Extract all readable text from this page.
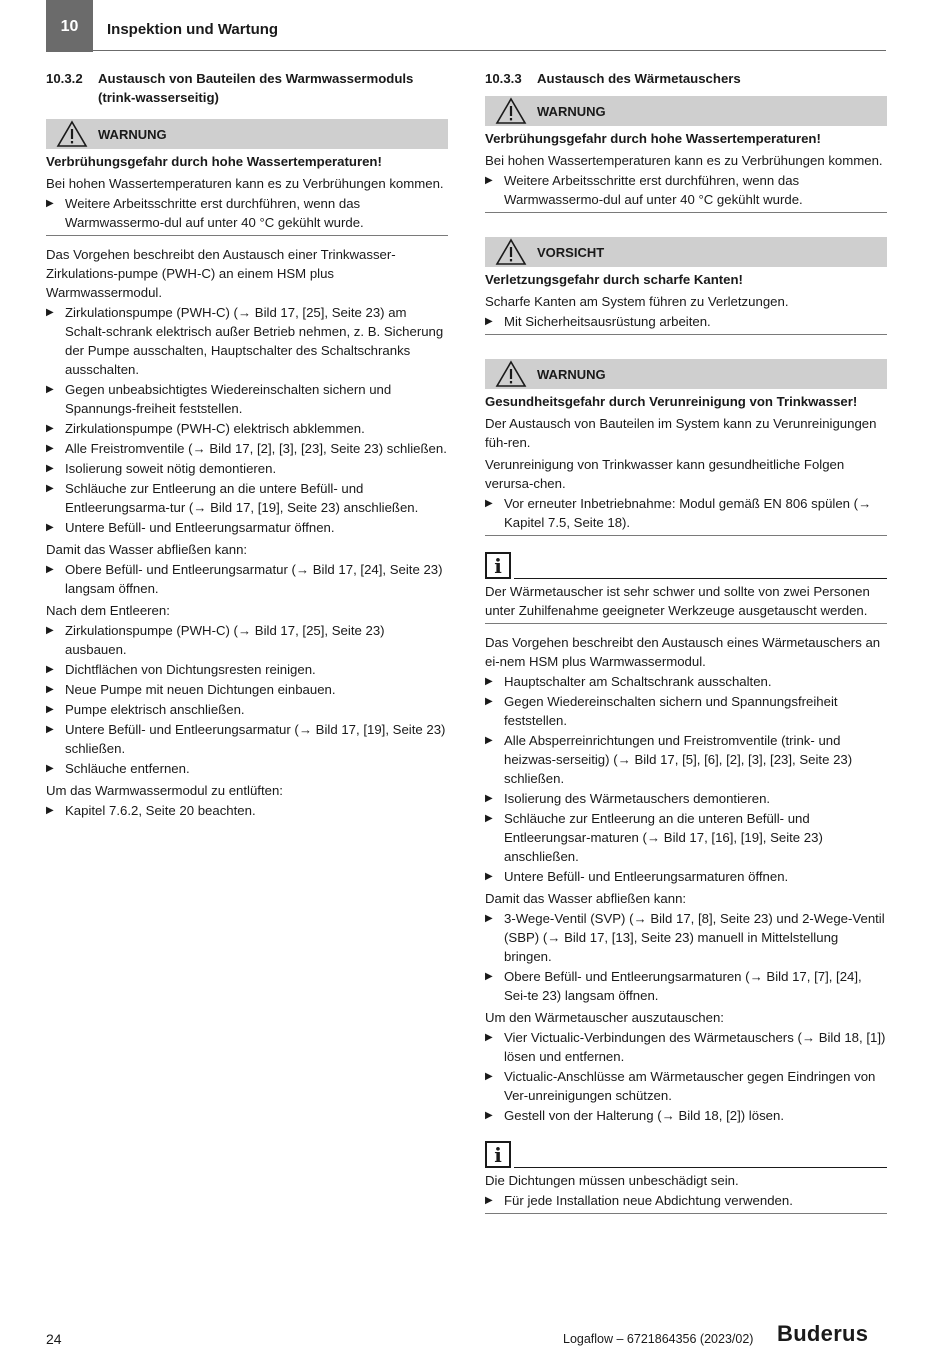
10	Inspektion und Wartung
10.3.2	Austausch von Bauteilen des Warmwassermoduls (trink-wasserseitig)
WARNUNG
Verbrühungsgefahr durch hohe Wassertemperaturen!

Bei hohen Wassertemperaturen kann es zu Verbrühungen kommen.

▶ Weitere Arbeitsschritte erst durchführen, wenn das Warmwassermo-dul auf unter 40 °C gekühlt wurde.

Das Vorgehen beschreibt den Austausch einer Trinkwasser-Zirkulations-pumpe (PWH-C) an einem HSM plus Warmwassermodul.

▶ Zirkulationspumpe (PWH-C) (→ Bild 17, [25], Seite 23) am Schalt-schrank elektrisch außer Betrieb nehmen, z. B. Sicherung der Pumpe ausschalten, Hauptschalter des Schaltschranks ausschalten.
▶ Gegen unbeabsichtigtes Wiedereinschalten sichern und Spannungs-freiheit feststellen.
▶ Zirkulationspumpe (PWH-C) elektrisch abklemmen.
▶ Alle Freistromventile (→ Bild 17, [2], [3], [23], Seite 23) schließen.
▶ Isolierung soweit nötig demontieren.
▶ Schläuche zur Entleerung an die untere Befüll- und Entleerungsarma-tur (→ Bild 17, [19], Seite 23) anschließen.
▶ Untere Befüll- und Entleerungsarmatur öffnen.

Damit das Wasser abfließen kann:

▶ Obere Befüll- und Entleerungsarmatur (→ Bild 17, [24], Seite 23) langsam öffnen.

Nach dem Entleeren:

▶ Zirkulationspumpe (PWH-C) (→ Bild 17, [25], Seite 23) ausbauen.
▶ Dichtflächen von Dichtungsresten reinigen.
▶ Neue Pumpe mit neuen Dichtungen einbauen.
▶ Pumpe elektrisch anschließen.
▶ Untere Befüll- und Entleerungsarmatur (→ Bild 17, [19], Seite 23) schließen.
▶ Schläuche entfernen.

Um das Warmwassermodul zu entlüften:

▶ Kapitel 7.6.2, Seite 20 beachten.
10.3.3	Austausch des Wärmetauschers
WARNUNG
Verbrühungsgefahr durch hohe Wassertemperaturen!

Bei hohen Wassertemperaturen kann es zu Verbrühungen kommen.

▶ Weitere Arbeitsschritte erst durchführen, wenn das Warmwassermo-dul auf unter 40 °C gekühlt wurde.
VORSICHT
Verletzungsgefahr durch scharfe Kanten!

Scharfe Kanten am System führen zu Verletzungen.

▶ Mit Sicherheitsausrüstung arbeiten.
WARNUNG
Gesundheitsgefahr durch Verunreinigung von Trinkwasser!

Der Austausch von Bauteilen im System kann zu Verunreinigungen füh-ren.

Verunreinigung von Trinkwasser kann gesundheitliche Folgen verursa-chen.

▶ Vor erneuter Inbetriebnahme: Modul gemäß EN 806 spülen (→ Kapitel 7.5, Seite 18).
i

Der Wärmetauscher ist sehr schwer und sollte von zwei Personen unter Zuhilfenahme geeigneter Werkzeuge ausgetauscht werden.

Das Vorgehen beschreibt den Austausch eines Wärmetauschers an ei-nem HSM plus Warmwassermodul.

▶ Hauptschalter am Schaltschrank ausschalten.
▶ Gegen Wiedereinschalten sichern und Spannungsfreiheit feststellen.
▶ Alle Absperreinrichtungen und Freistromventile (trink- und heizwas-serseitig) (→ Bild 17, [5], [6], [2], [3], [23], Seite 23) schließen.
▶ Isolierung des Wärmetauschers demontieren.
▶ Schläuche zur Entleerung an die unteren Befüll- und Entleerungsar-maturen (→ Bild 17, [16], [19], Seite 23) anschließen.
▶ Untere Befüll- und Entleerungsarmaturen öffnen.

Damit das Wasser abfließen kann:

▶ 3-Wege-Ventil (SVP) (→ Bild 17, [8], Seite 23) und 2-Wege-Ventil (SBP) (→ Bild 17, [13], Seite 23) manuell in Mittelstellung bringen.
▶ Obere Befüll- und Entleerungsarmaturen (→ Bild 17, [7], [24], Sei-te 23) langsam öffnen.

Um den Wärmetauscher auszutauschen:

▶ Vier Victualic-Verbindungen des Wärmetauschers (→ Bild 18, [1]) lösen und entfernen.
▶ Victualic-Anschlüsse am Wärmetauscher gegen Eindringen von Ver-unreinigungen schützen.
▶ Gestell von der Halterung (→ Bild 18, [2]) lösen.
i

Die Dichtungen müssen unbeschädigt sein.

▶ Für jede Installation neue Abdichtung verwenden.
24	Logaflow – 6721864356 (2023/02) Buderus
